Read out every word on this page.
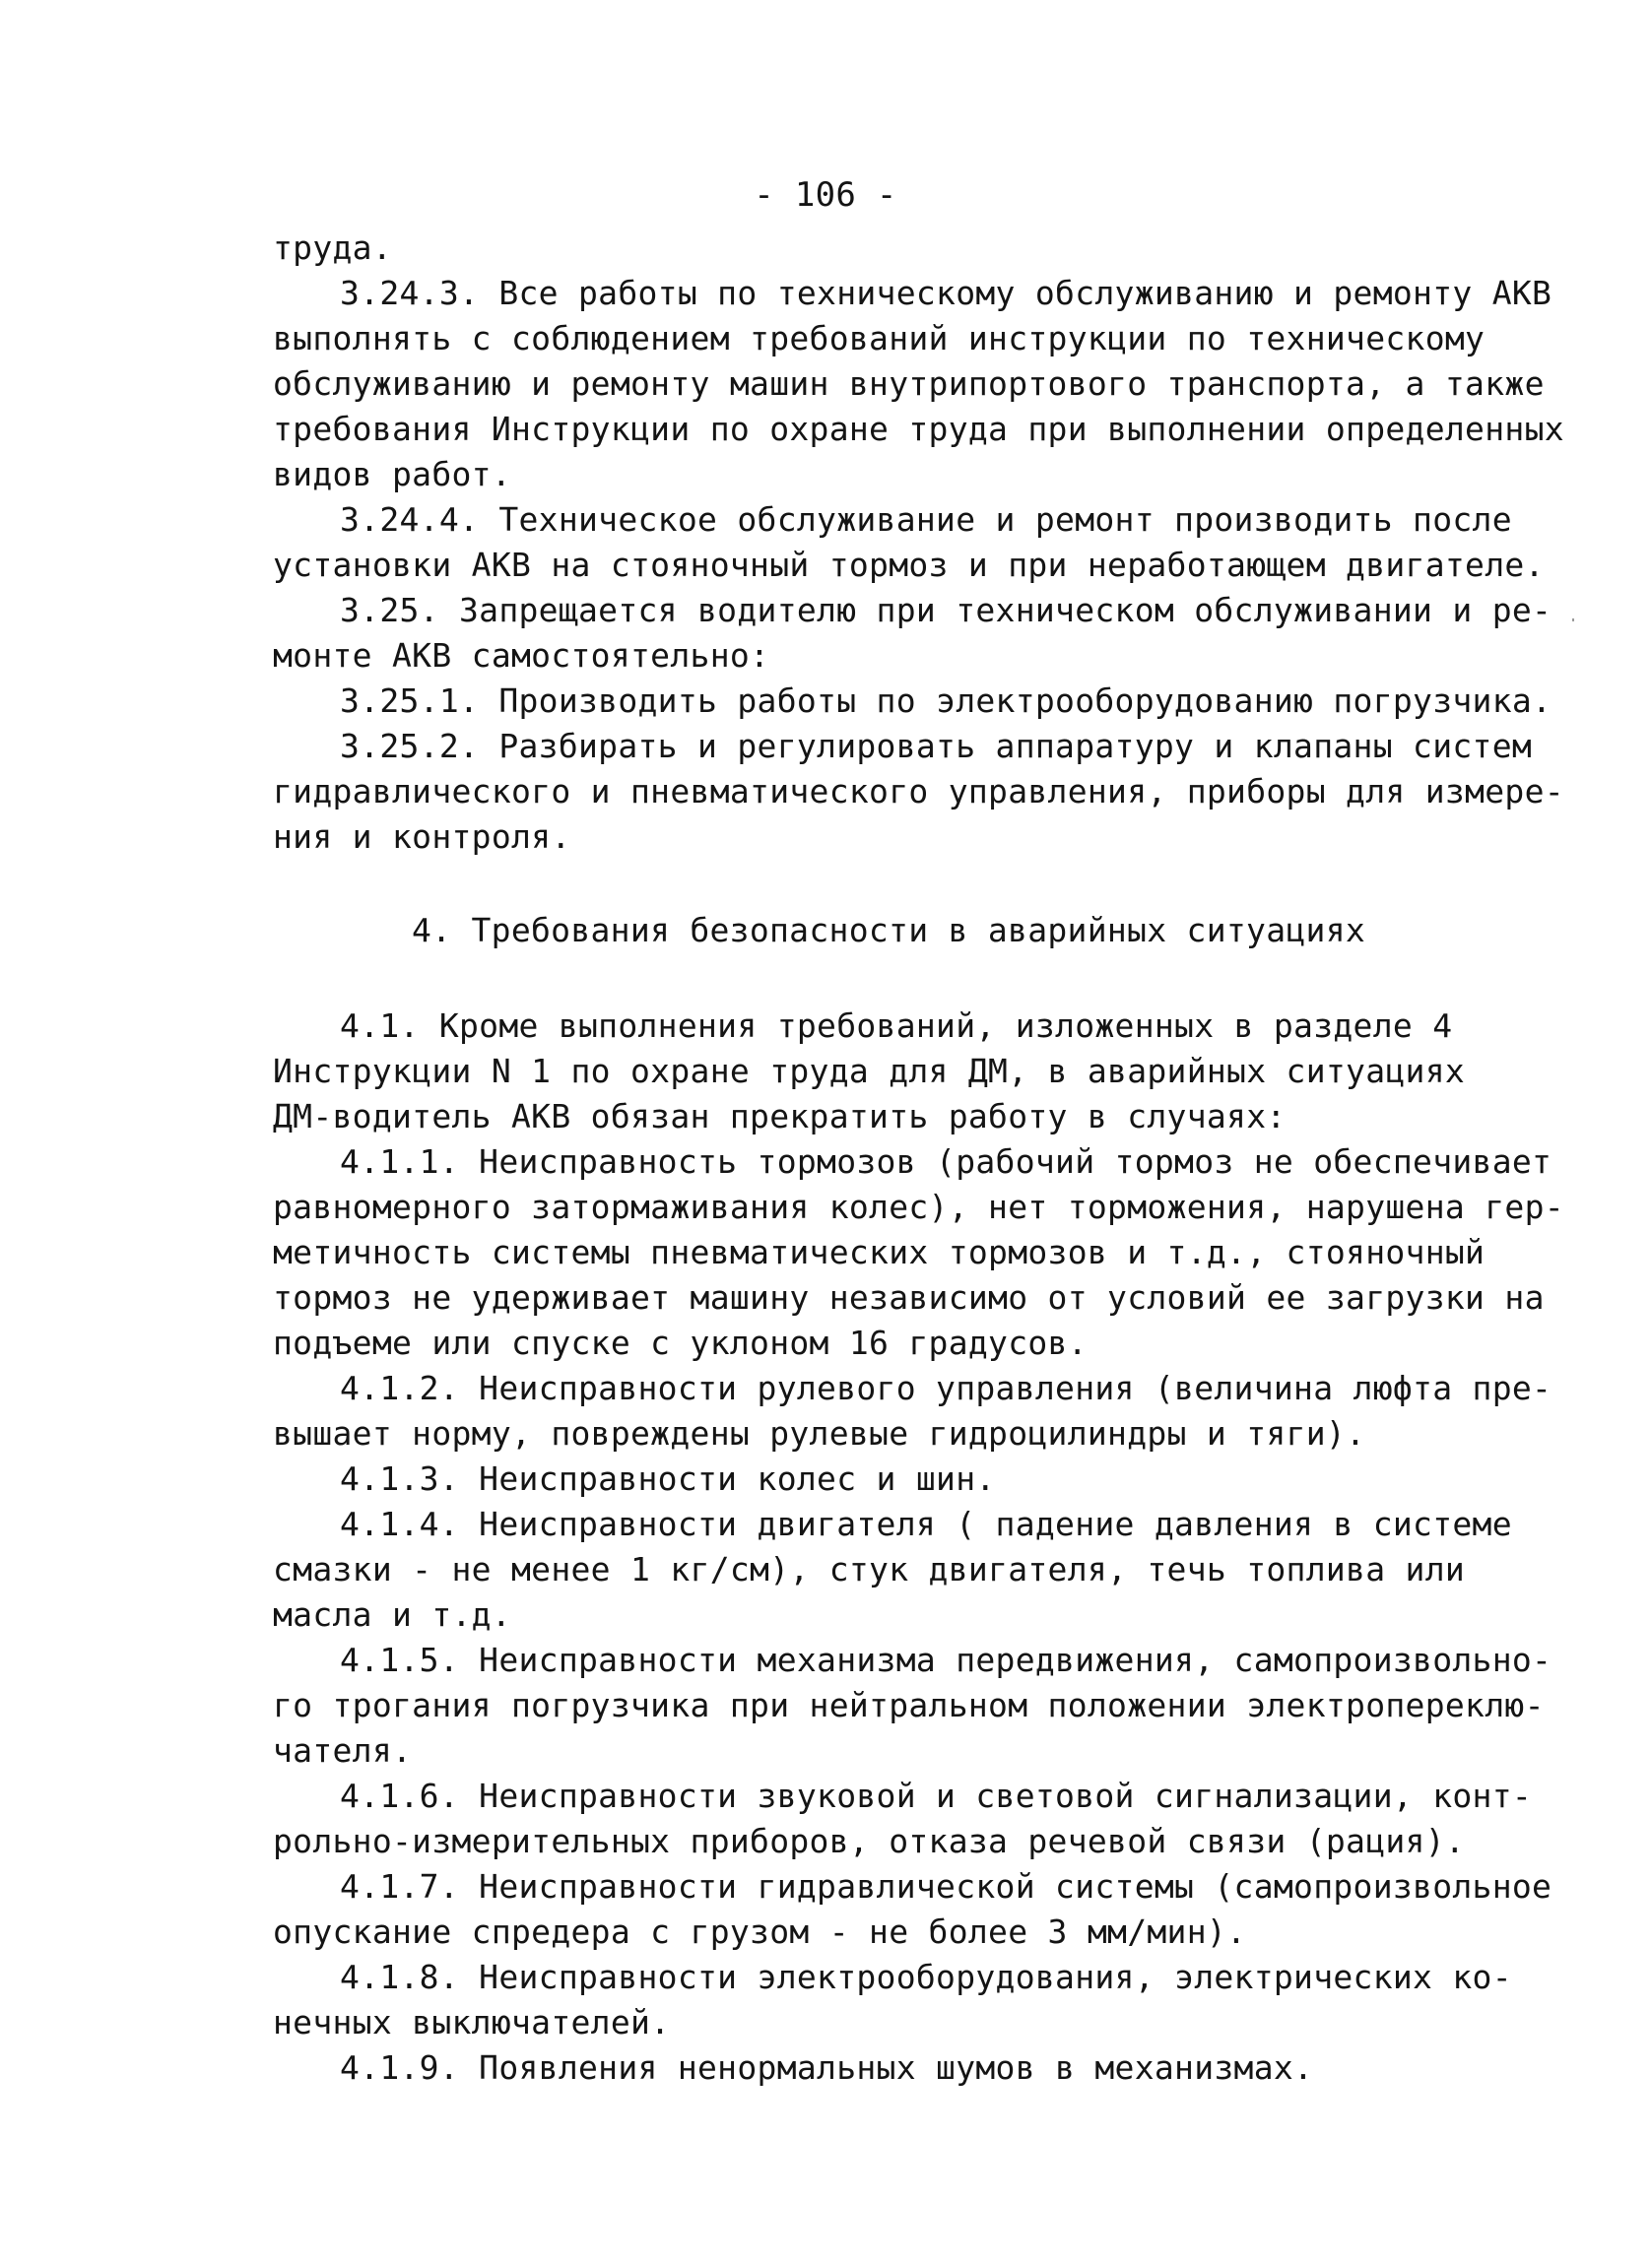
- 106 -
труда.
3.24.3. Все работы по техническому обслуживанию и ремонту АКВ
выполнять с соблюдением требований инструкции по техническому
обслуживанию и ремонту машин внутрипортового транспорта, а также
требования Инструкции по охране труда при выполнении определенных
видов работ.
3.24.4. Техническое обслуживание и ремонт производить после
установки АКВ на стояночный тормоз и при неработающем двигателе.
3.25. Запрещается водителю при техническом обслуживании и ре-
монте АКВ самостоятельно:
3.25.1. Производить работы по электрооборудованию погрузчика.
3.25.2. Разбирать и регулировать аппаратуру и клапаны систем
гидравлического и пневматического управления, приборы для измере-
ния и контроля.
4. Требования безопасности в аварийных ситуациях
4.1. Кроме выполнения требований, изложенных в разделе 4
Инструкции N 1 по охране труда для ДМ, в аварийных ситуациях
ДМ-водитель АКВ обязан прекратить работу в случаях:
4.1.1. Неисправность тормозов (рабочий тормоз не обеспечивает
равномерного затормаживания колес), нет торможения, нарушена гер-
метичность системы пневматических тормозов и т.д., стояночный
тормоз не удерживает машину независимо от условий ее загрузки на
подъеме или спуске с уклоном 16 градусов.
4.1.2. Неисправности рулевого управления (величина люфта пре-
вышает норму, повреждены рулевые гидроцилиндры и тяги).
4.1.3. Неисправности колес и шин.
4.1.4. Неисправности двигателя ( падение давления в системе
смазки - не менее 1 кг/см), стук двигателя, течь топлива или
масла и т.д.
4.1.5. Неисправности механизма передвижения, самопроизвольно-
го трогания погрузчика при нейтральном положении электропереклю-
чателя.
4.1.6. Неисправности звуковой и световой сигнализации, конт-
рольно-измерительных приборов, отказа речевой связи (рация).
4.1.7. Неисправности гидравлической системы (самопроизвольное
опускание спредера с грузом - не более 3 мм/мин).
4.1.8. Неисправности электрооборудования, электрических ко-
нечных выключателей.
4.1.9. Появления ненормальных шумов в механизмах.
